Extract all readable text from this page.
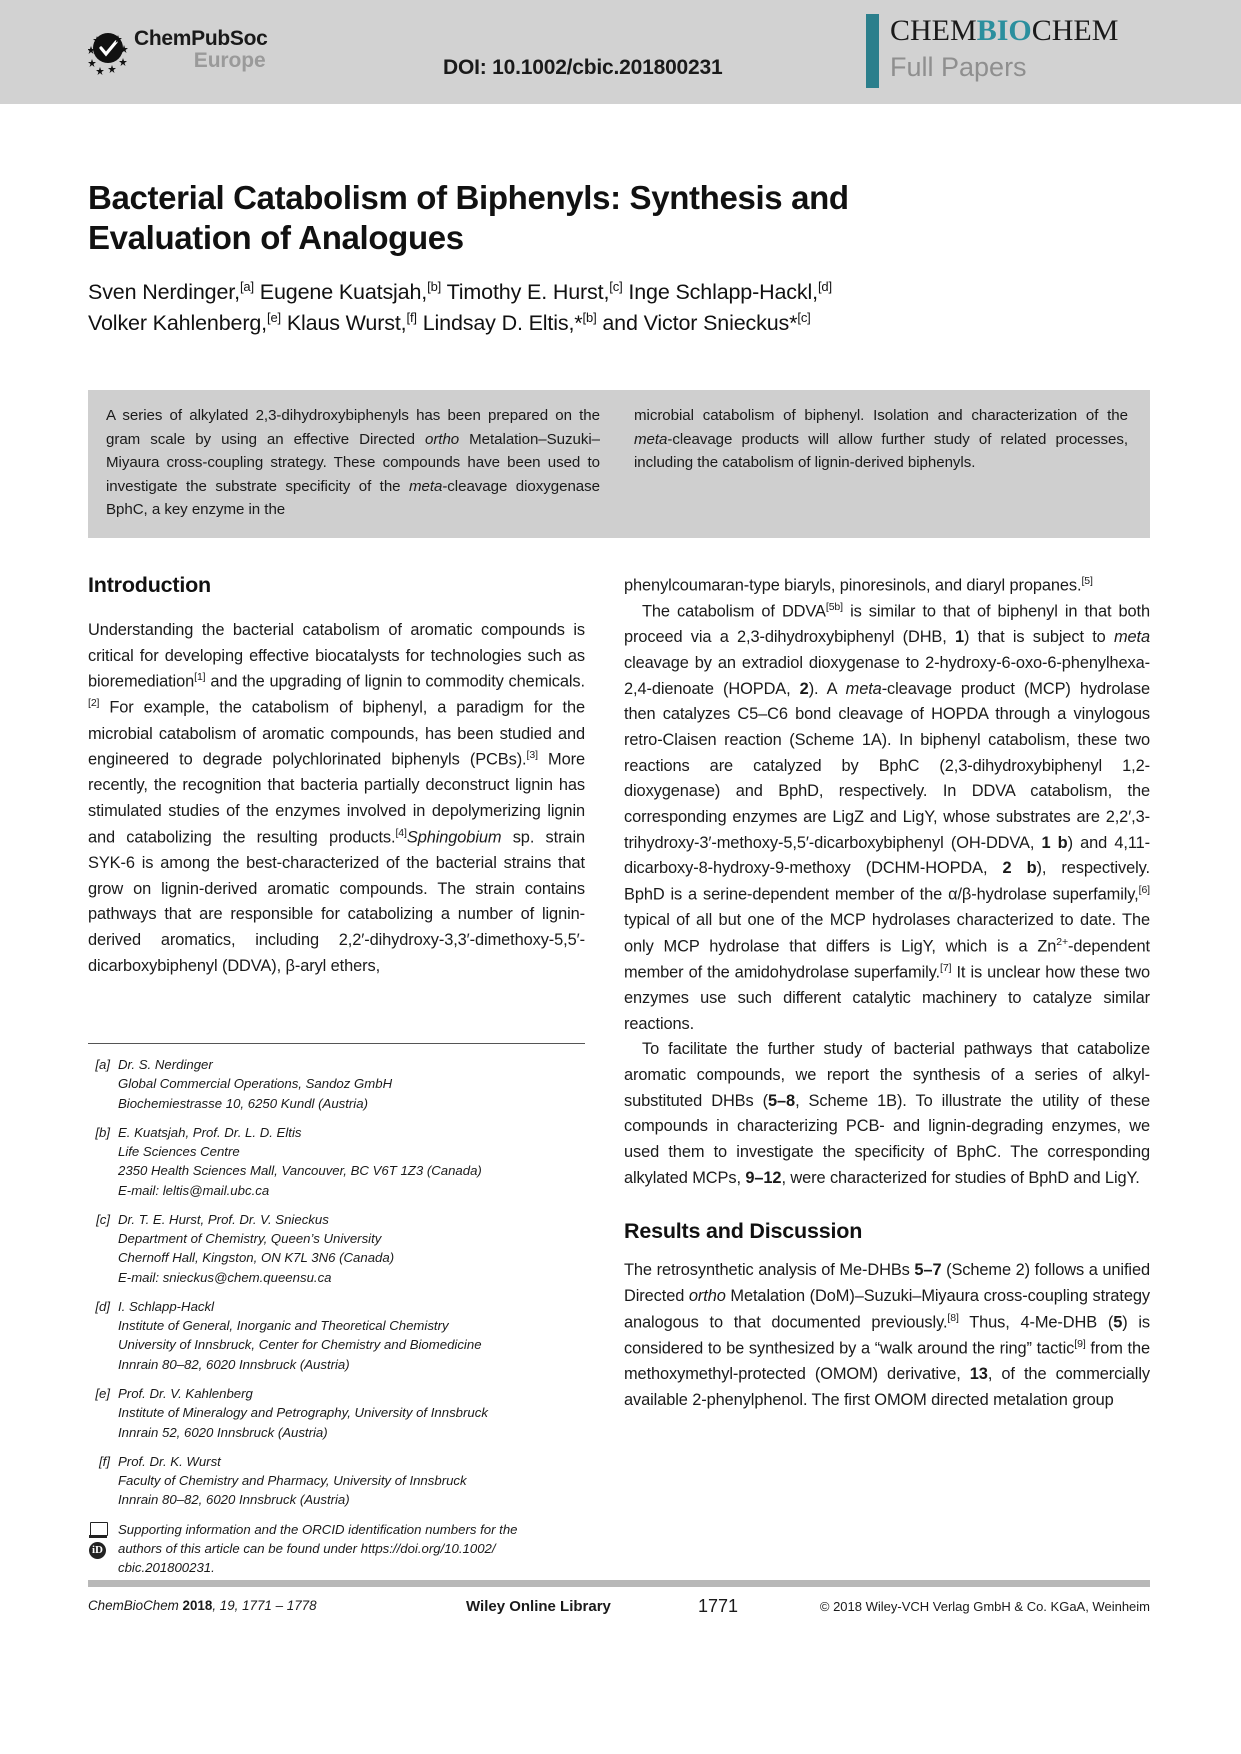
ChemPubSoc
Europe	DOI: 10.1002/cbic.201800231
CHEMBIOCHEM
Full Papers
Bacterial Catabolism of Biphenyls: Synthesis and Evaluation of Analogues
Sven Nerdinger,[a] Eugene Kuatsjah,[b] Timothy E. Hurst,[c] Inge Schlapp-Hackl,[d]
Volker Kahlenberg,[e] Klaus Wurst,[f] Lindsay D. Eltis,*[b] and Victor Snieckus*[c]
A series of alkylated 2,3-dihydroxybiphenyls has been prepared on the gram scale by using an effective Directed ortho Metalation–Suzuki–Miyaura cross-coupling strategy. These compounds have been used to investigate the substrate specificity of the meta-cleavage dioxygenase BphC, a key enzyme in the
microbial catabolism of biphenyl. Isolation and characterization of the meta-cleavage products will allow further study of related processes, including the catabolism of lignin-derived biphenyls.
Introduction

Understanding the bacterial catabolism of aromatic compounds is critical for developing effective biocatalysts for technologies such as bioremediation[1] and the upgrading of lignin to commodity chemicals.[2] For example, the catabolism of biphenyl, a paradigm for the microbial catabolism of aromatic compounds, has been studied and engineered to degrade polychlorinated biphenyls (PCBs).[3] More recently, the recognition that bacteria partially deconstruct lignin has stimulated studies of the enzymes involved in depolymerizing lignin and catabolizing the resulting products.[4]Sphingobium sp. strain SYK-6 is among the best-characterized of the bacterial strains that grow on lignin-derived aromatic compounds. The strain contains pathways that are responsible for catabolizing a number of lignin-derived aromatics, including 2,2′-dihydroxy-3,3′-dimethoxy-5,5′-dicarboxybiphenyl (DDVA), β-aryl ethers,

[a] Dr. S. Nerdinger
Global Commercial Operations, Sandoz GmbH
Biochemiestrasse 10, 6250 Kundl (Austria)
[b] E. Kuatsjah, Prof. Dr. L. D. Eltis
Life Sciences Centre
2350 Health Sciences Mall, Vancouver, BC V6T 1Z3 (Canada)
E-mail: leltis@mail.ubc.ca
[c] Dr. T. E. Hurst, Prof. Dr. V. Snieckus
Department of Chemistry, Queen’s University
Chernoff Hall, Kingston, ON K7L 3N6 (Canada)
E-mail: snieckus@chem.queensu.ca
[d] I. Schlapp-Hackl
Institute of General, Inorganic and Theoretical Chemistry
University of Innsbruck, Center for Chemistry and Biomedicine
Innrain 80–82, 6020 Innsbruck (Austria)
[e] Prof. Dr. V. Kahlenberg
Institute of Mineralogy and Petrography, University of Innsbruck
Innrain 52, 6020 Innsbruck (Austria)
[f] Prof. Dr. K. Wurst
Faculty of Chemistry and Pharmacy, University of Innsbruck
Innrain 80–82, 6020 Innsbruck (Austria)
iD
Supporting information and the ORCID identification numbers for the
authors of this article can be found under https://doi.org/10.1002/
cbic.201800231.

phenylcoumaran-type biaryls, pinoresinols, and diaryl propanes.[5]

The catabolism of DDVA[5b] is similar to that of biphenyl in that both proceed via a 2,3-dihydroxybiphenyl (DHB, 1) that is subject to meta cleavage by an extradiol dioxygenase to 2-hydroxy-6-oxo-6-phenylhexa-2,4-dienoate (HOPDA, 2). A meta-cleavage product (MCP) hydrolase then catalyzes C5–C6 bond cleavage of HOPDA through a vinylogous retro-Claisen reaction (Scheme 1A). In biphenyl catabolism, these two reactions are catalyzed by BphC (2,3-dihydroxybiphenyl 1,2-dioxygenase) and BphD, respectively. In DDVA catabolism, the corresponding enzymes are LigZ and LigY, whose substrates are 2,2′,3-trihydroxy-3′-methoxy-5,5′-dicarboxybiphenyl (OH-DDVA, 1 b) and 4,11-dicarboxy-8-hydroxy-9-methoxy (DCHM-HOPDA, 2 b), respectively. BphD is a serine-dependent member of the α/β-hydrolase superfamily,[6] typical of all but one of the MCP hydrolases characterized to date. The only MCP hydrolase that differs is LigY, which is a $Zn^{2+}$-dependent member of the amidohydrolase superfamily.[7] It is unclear how these two enzymes use such different catalytic machinery to catalyze similar reactions.

To facilitate the further study of bacterial pathways that catabolize aromatic compounds, we report the synthesis of a series of alkyl-substituted DHBs (5–8, Scheme 1B). To illustrate the utility of these compounds in characterizing PCB- and lignin-degrading enzymes, we used them to investigate the specificity of BphC. The corresponding alkylated MCPs, 9–12, were characterized for studies of BphD and LigY.

Results and Discussion

The retrosynthetic analysis of Me-DHBs 5–7 (Scheme 2) follows a unified Directed ortho Metalation (DoM)–Suzuki–Miyaura cross-coupling strategy analogous to that documented previously.[8] Thus, 4-Me-DHB (5) is considered to be synthesized by a “walk around the ring” tactic[9] from the methoxymethyl-protected (OMOM) derivative, 13, of the commercially available 2-phenylphenol. The first OMOM directed metalation group

ChemBioChem 2018, 19, 1771 – 1778	Wiley Online Library	1771	© 2018 Wiley-VCH Verlag GmbH & Co. KGaA, Weinheim
